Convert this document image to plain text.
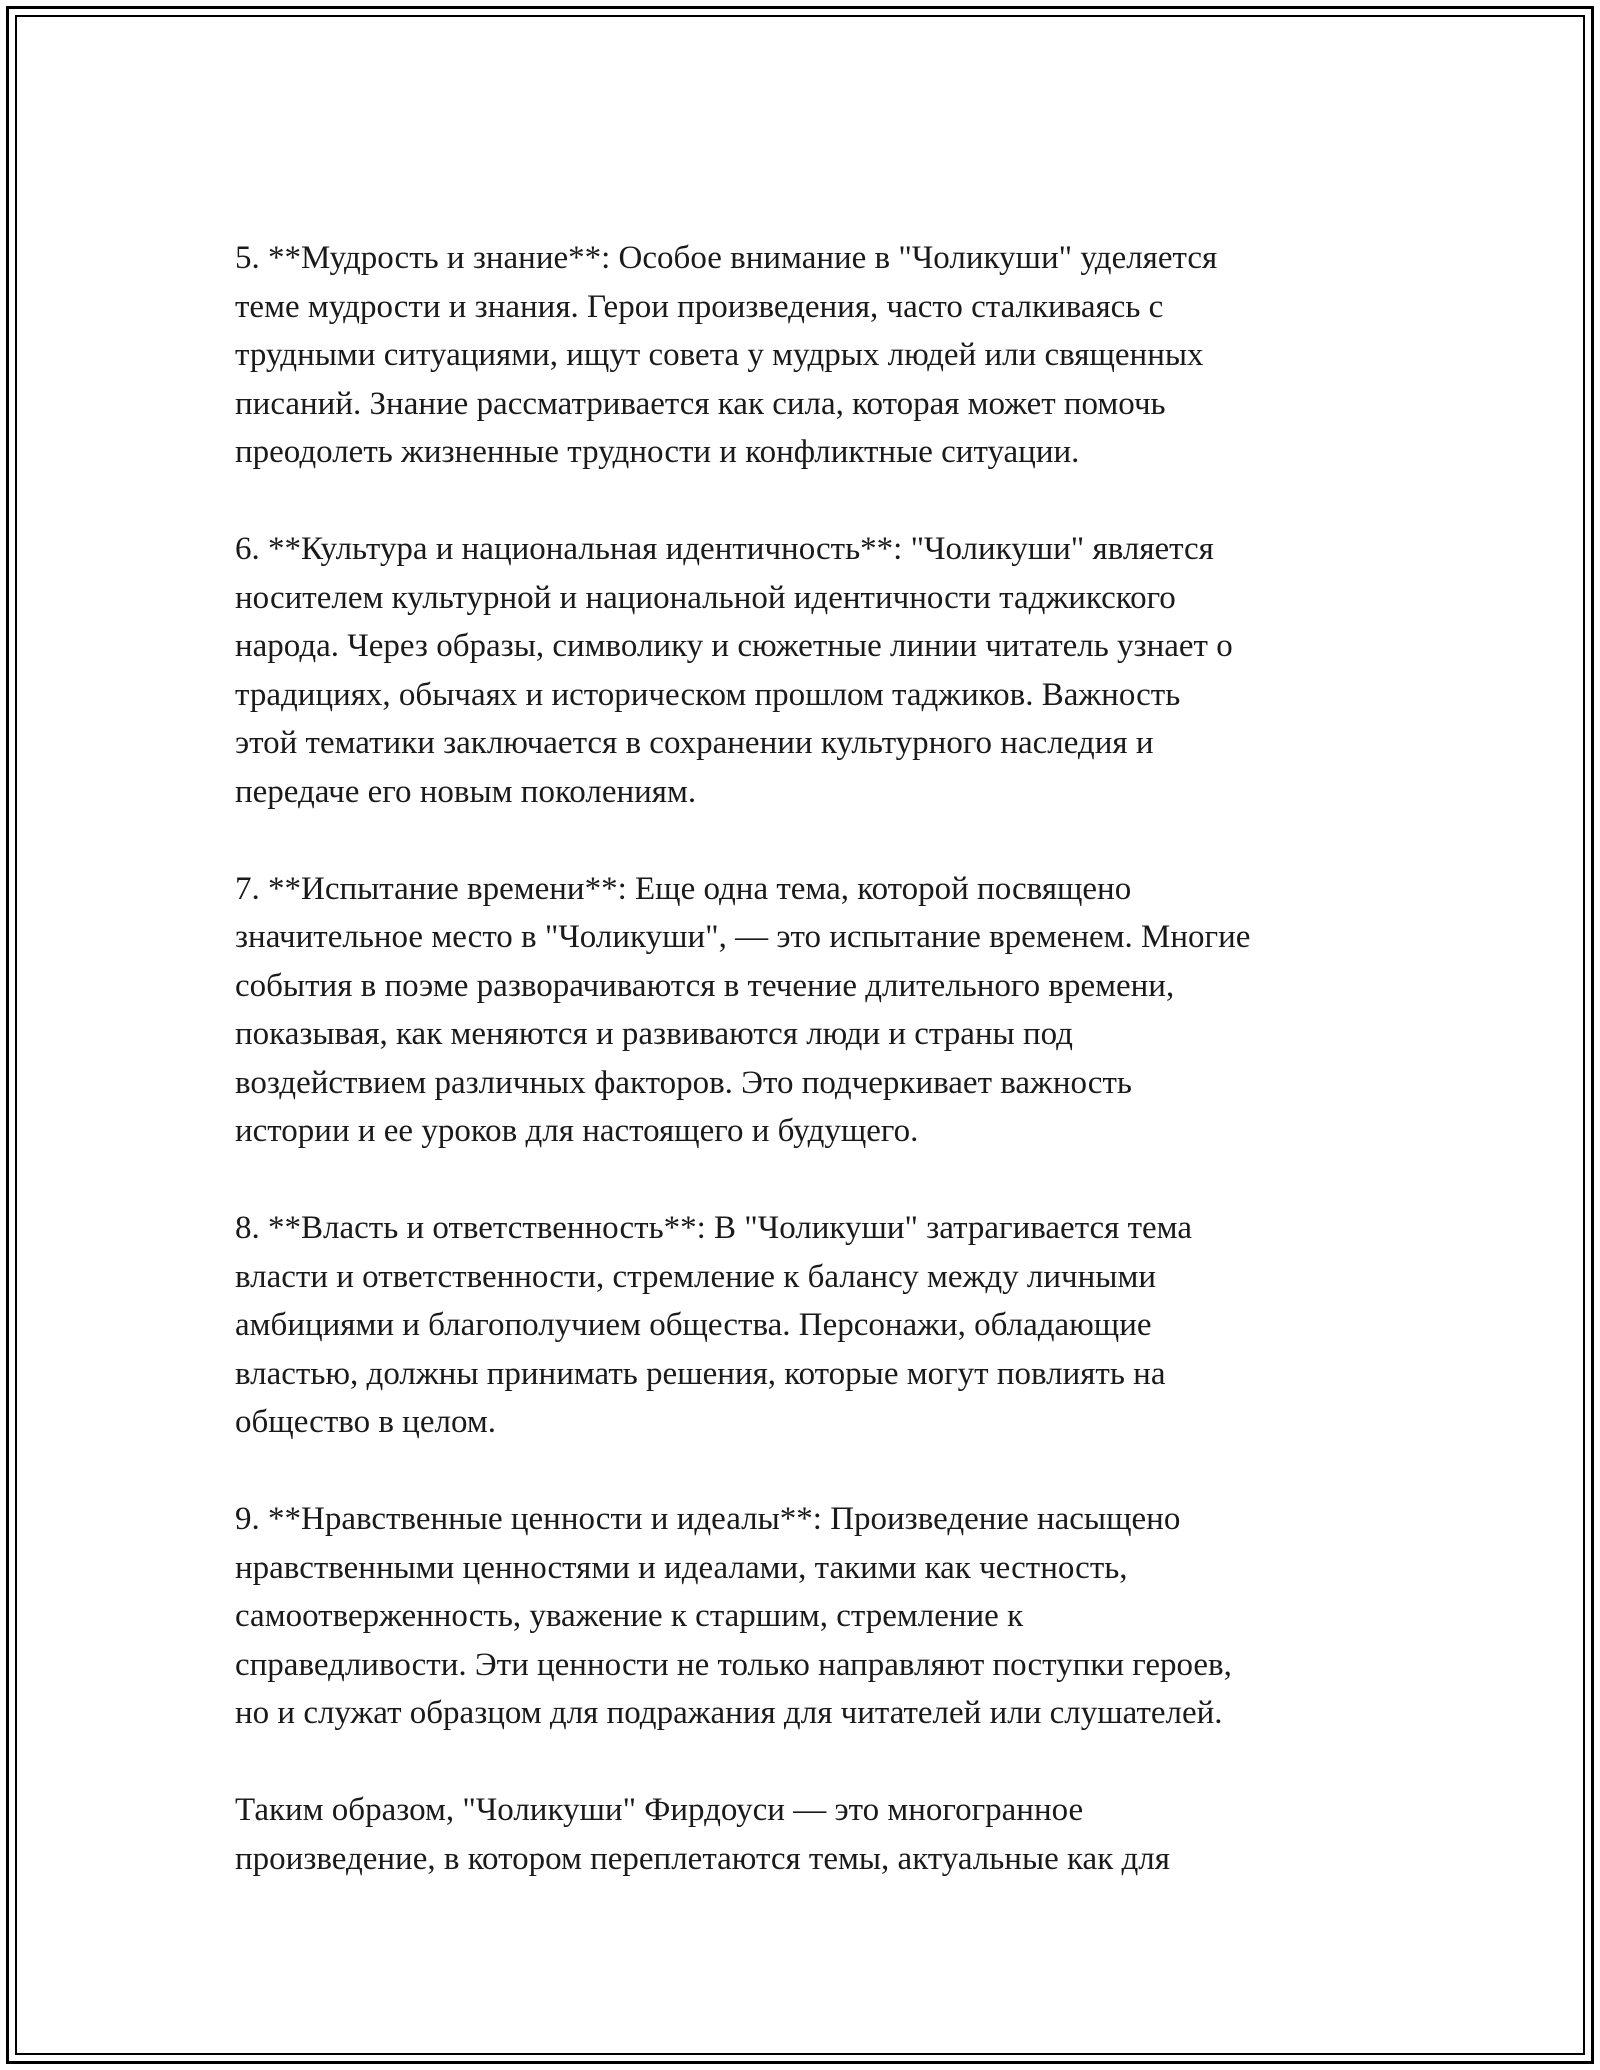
5. **Мудрость и знание**: Особое внимание в "Чоликуши" уделяется
теме мудрости и знания. Герои произведения, часто сталкиваясь с
трудными ситуациями, ищут совета у мудрых людей или священных
писаний. Знание рассматривается как сила, которая может помочь
преодолеть жизненные трудности и конфликтные ситуации.

6. **Культура и национальная идентичность**: "Чоликуши" является
носителем культурной и национальной идентичности таджикского
народа. Через образы, символику и сюжетные линии читатель узнает о
традициях, обычаях и историческом прошлом таджиков. Важность
этой тематики заключается в сохранении культурного наследия и
передаче его новым поколениям.

7. **Испытание времени**: Еще одна тема, которой посвящено
значительное место в "Чоликуши", — это испытание временем. Многие
события в поэме разворачиваются в течение длительного времени,
показывая, как меняются и развиваются люди и страны под
воздействием различных факторов. Это подчеркивает важность
истории и ее уроков для настоящего и будущего.

8. **Власть и ответственность**: В "Чоликуши" затрагивается тема
власти и ответственности, стремление к балансу между личными
амбициями и благополучием общества. Персонажи, обладающие
властью, должны принимать решения, которые могут повлиять на
общество в целом.

9. **Нравственные ценности и идеалы**: Произведение насыщено
нравственными ценностями и идеалами, такими как честность,
самоотверженность, уважение к старшим, стремление к
справедливости. Эти ценности не только направляют поступки героев,
но и служат образцом для подражания для читателей или слушателей.

Таким образом, "Чоликуши" Фирдоуси — это многогранное
произведение, в котором переплетаются темы, актуальные как для
